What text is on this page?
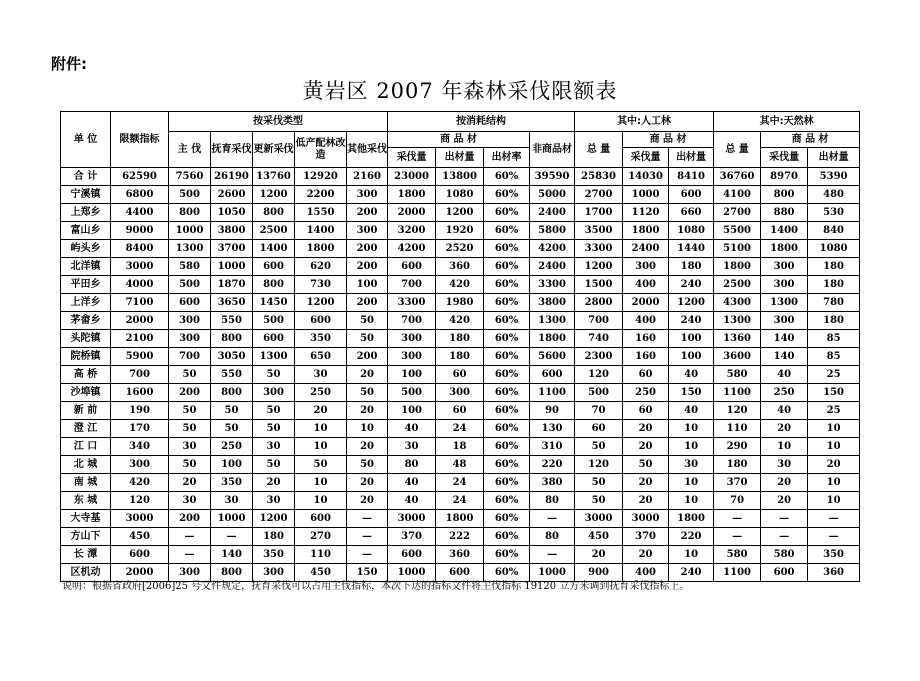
附件:
黄岩区 2007 年森林采伐限额表
单 位	限额指标	按采伐类型					按消耗结构				其中:人工林			其中:天然林		
		主 伐	抚育采伐	更新采伐	低产配林改造	其他采伐	商 品 材			非商品材	总 量	商 品 材		总 量	商 品 材	
							采伐量	出材量	出材率			采伐量	出材量		采伐量	出材量
合 计	62590	7560	26190	13760	12920	2160	23000	13800	60%	39590	25830	14030	8410	36760	8970	5390
宁溪镇	6800	500	2600	1200	2200	300	1800	1080	60%	5000	2700	1000	600	4100	800	480
上郑乡	4400	800	1050	800	1550	200	2000	1200	60%	2400	1700	1120	660	2700	880	530
富山乡	9000	1000	3800	2500	1400	300	3200	1920	60%	5800	3500	1800	1080	5500	1400	840
屿头乡	8400	1300	3700	1400	1800	200	4200	2520	60%	4200	3300	2400	1440	5100	1800	1080
北洋镇	3000	580	1000	600	620	200	600	360	60%	2400	1200	300	180	1800	300	180
平田乡	4000	500	1870	800	730	100	700	420	60%	3300	1500	400	240	2500	300	180
上洋乡	7100	600	3650	1450	1200	200	3300	1980	60%	3800	2800	2000	1200	4300	1300	780
茅畲乡	2000	300	550	500	600	50	700	420	60%	1300	700	400	240	1300	300	180
头陀镇	2100	300	800	600	350	50	300	180	60%	1800	740	160	100	1360	140	85
院桥镇	5900	700	3050	1300	650	200	300	180	60%	5600	2300	160	100	3600	140	85
高 桥	700	50	550	50	30	20	100	60	60%	600	120	60	40	580	40	25
沙埠镇	1600	200	800	300	250	50	500	300	60%	1100	500	250	150	1100	250	150
新 前	190	50	50	50	20	20	100	60	60%	90	70	60	40	120	40	25
澄 江	170	50	50	50	10	10	40	24	60%	130	60	20	10	110	20	10
江 口	340	30	250	30	10	20	30	18	60%	310	50	20	10	290	10	10
北 城	300	50	100	50	50	50	80	48	60%	220	120	50	30	180	30	20
南 城	420	20	350	20	10	20	40	24	60%	380	50	20	10	370	20	10
东 城	120	30	30	30	10	20	40	24	60%	80	50	20	10	70	20	10
大寺基	3000	200	1000	1200	600	—	3000	1800	60%	—	3000	3000	1800	—	—	—
方山下	450	—	—	180	270	—	370	222	60%	80	450	370	220	—	—	—
长 潭	600	—	140	350	110	—	600	360	60%	—	20	20	10	580	580	350
区机动	2000	300	800	300	450	150	1000	600	60%	1000	900	400	240	1100	600	360
说明：根据省政府[2006]25 号文件规定，抚育采伐可以占用主伐指标，本次下达的指标文件将主伐指标 19120 立方米调到抚育采伐指标上。
